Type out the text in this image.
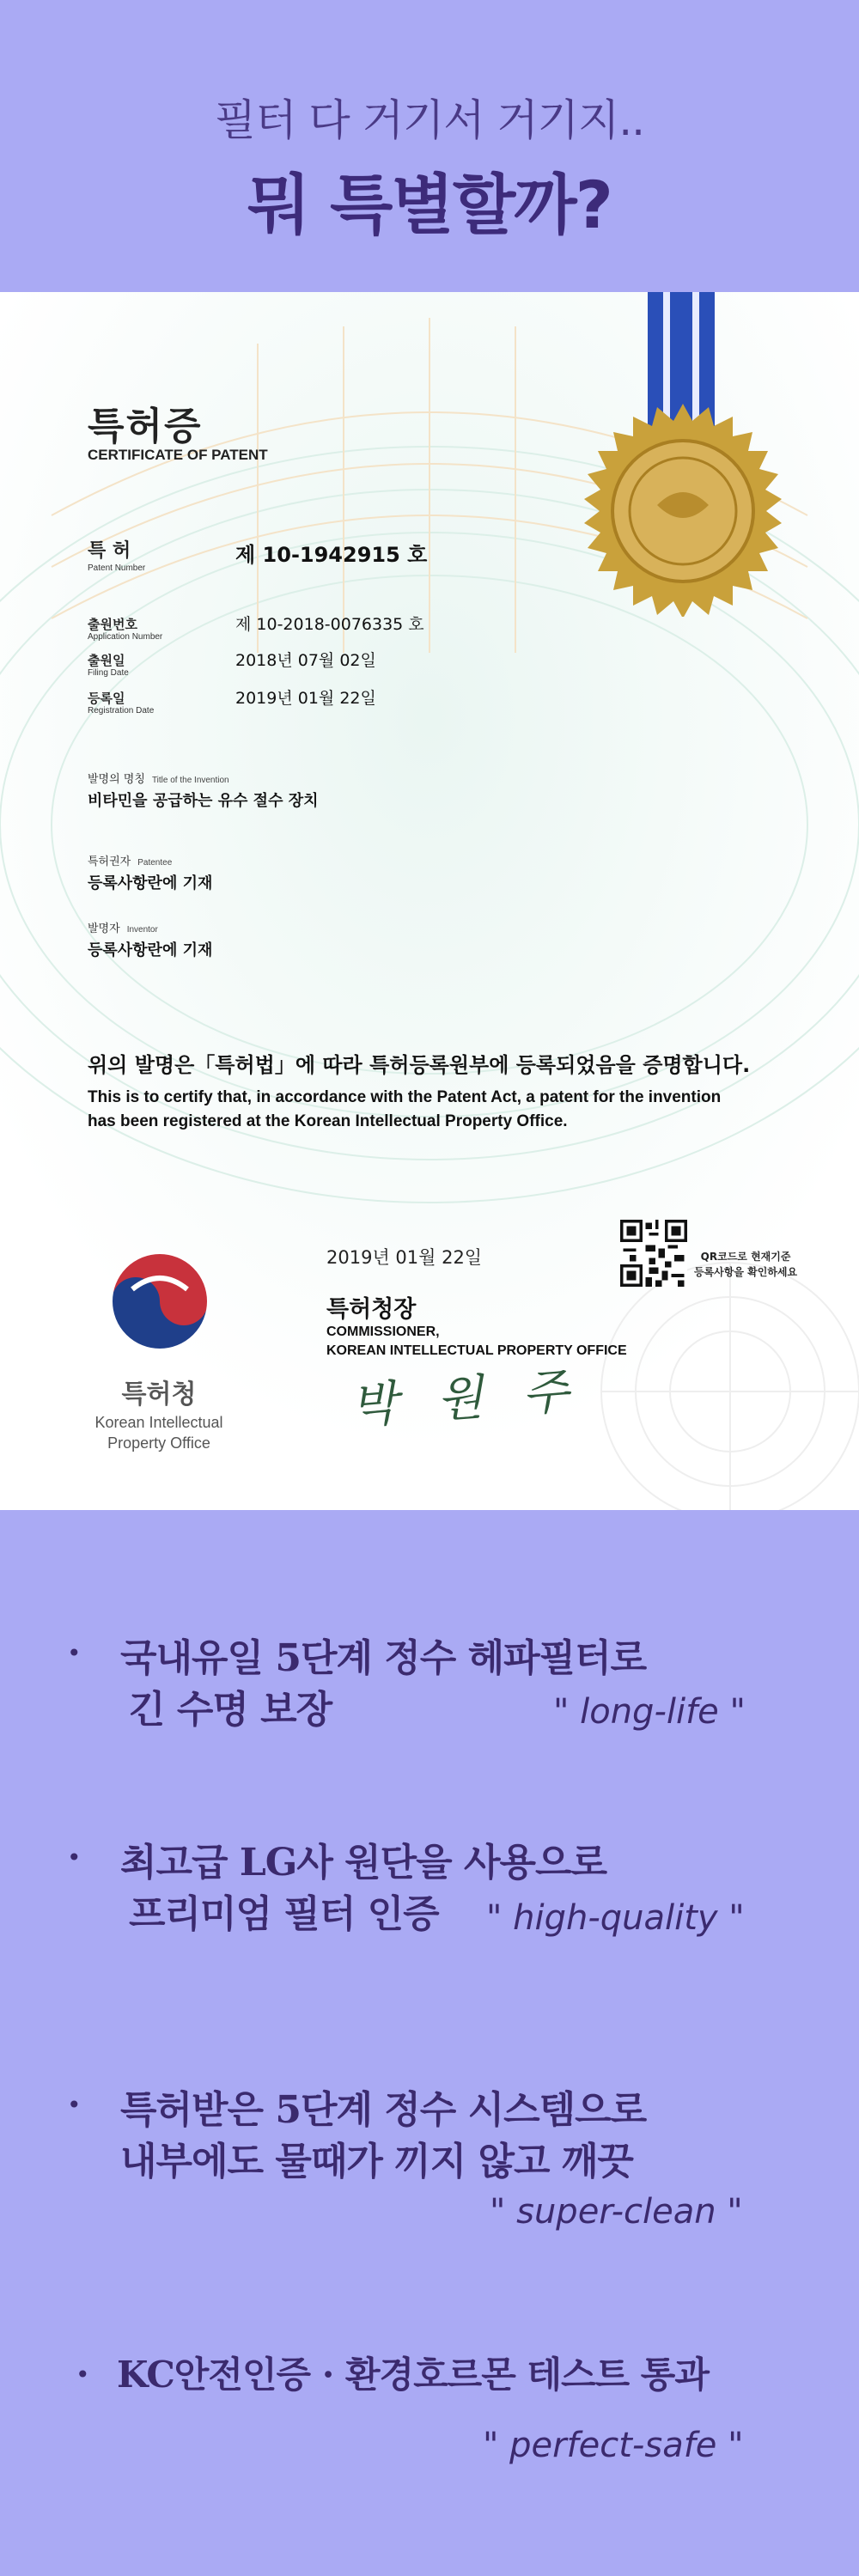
필터 다 거기서 거기지..
뭐 특별할까?
특허증
CERTIFICATE OF PATENT
특 허
Patent Number
제 10-1942915 호
출원번호
Application Number
제 10-2018-0076335 호
출원일
Filing Date
2018년 07월 02일
등록일
Registration Date
2019년 01월 22일
발명의 명칭 Title of the Invention
비타민을 공급하는 유수 절수 장치
특허권자 Patentee
등록사항란에 기재
발명자 Inventor
등록사항란에 기재
위의 발명은「특허법」에 따라 특허등록원부에 등록되었음을 증명합니다.
This is to certify that, in accordance with the Patent Act, a patent for the invention
has been registered at the Korean Intellectual Property Office.
특허청
Korean Intellectual
Property Office
2019년 01월 22일
특허청장
COMMISSIONER,
KOREAN INTELLECTUAL PROPERTY OFFICE
박 원 주
QR코드로 현재기준
등록사항을 확인하세요
• 국내유일 5단계 정수 헤파필터로
긴 수명 보장	" long-life "
• 최고급 LG사 원단을 사용으로
프리미엄 필터 인증 " high-quality "
• 특허받은 5단계 정수 시스템으로
내부에도 물때가 끼지 않고 깨끗
" super-clean "
• KC안전인증 · 환경호르몬 테스트 통과
" perfect-safe "
